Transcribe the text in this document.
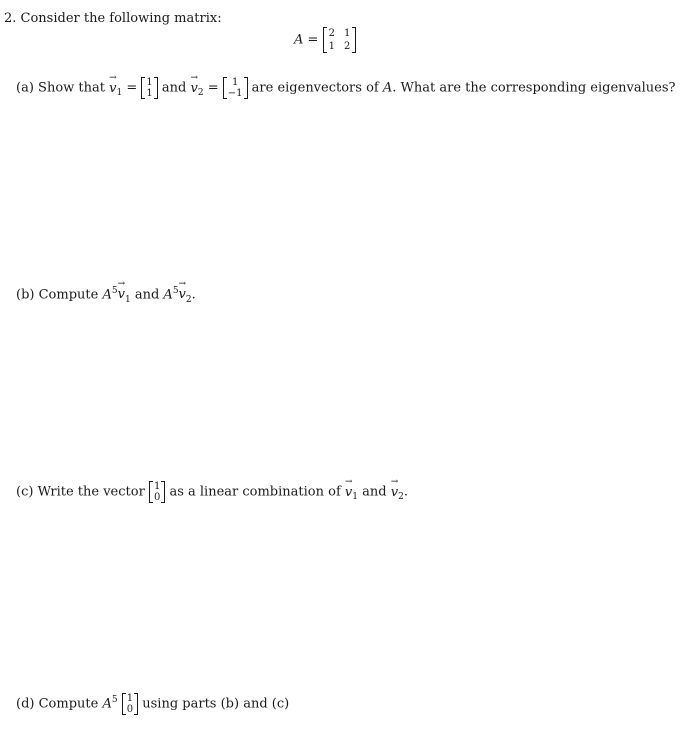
2. Consider the following matrix:
A = 2 1
1 2
(a) Show that
→
$v_1 = 1$
1 and
→
$v_2 = 1$
−1 are eigenvectors of A. What are the corresponding eigenvalues?
(b) Compute $A^5$
→
$v_1$ and $A^5$
→
$v_2$.
(c) Write the vector 1
0 as a linear combination of
→
$v_1$ and
→
$v_2$.
(d) Compute $A^5$ 1
0 using parts (b) and (c)
